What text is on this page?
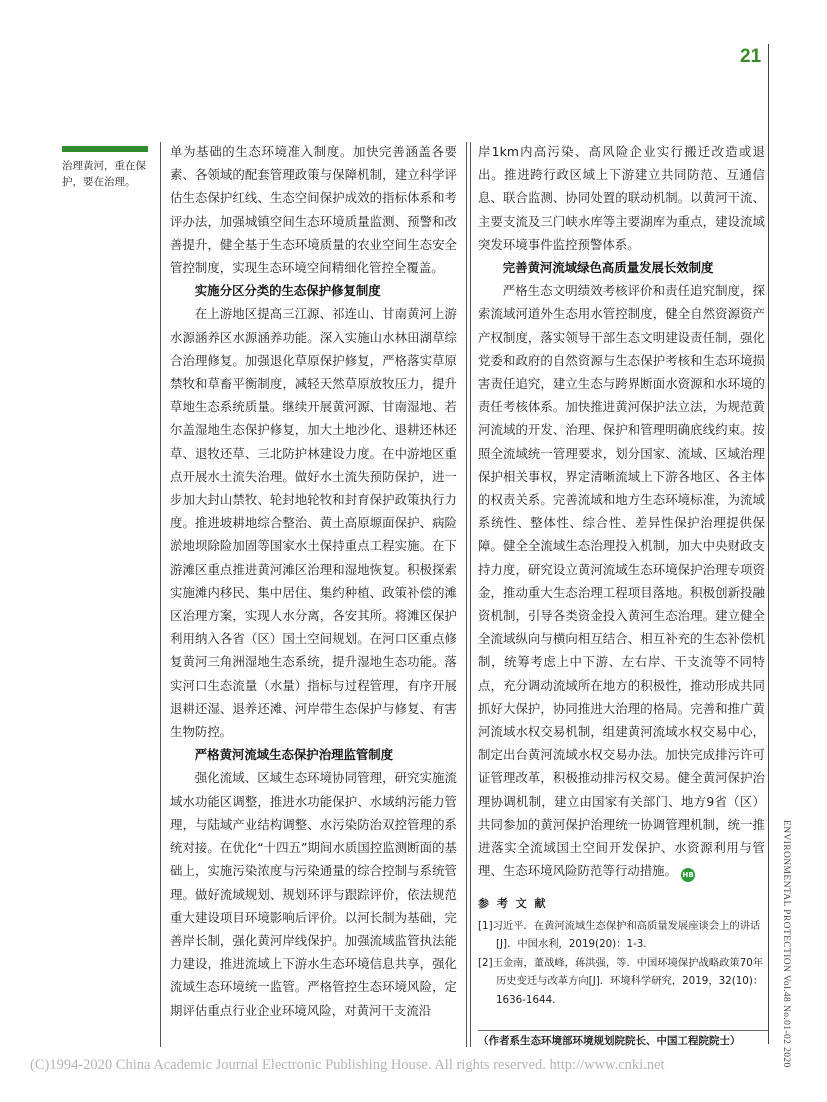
21
治理黄河，重在保护，要在治理。

单为基础的生态环境准入制度。加快完善涵盖各要素、各领域的配套管理政策与保障机制，建立科学评估生态保护红线、生态空间保护成效的指标体系和考评办法，加强城镇空间生态环境质量监测、预警和改善提升，健全基于生态环境质量的农业空间生态安全管控制度，实现生态环境空间精细化管控全覆盖。

实施分区分类的生态保护修复制度

在上游地区提高三江源、祁连山、甘南黄河上游水源涵养区水源涵养功能。深入实施山水林田湖草综合治理修复。加强退化草原保护修复，严格落实草原禁牧和草畜平衡制度，减轻天然草原放牧压力，提升草地生态系统质量。继续开展黄河源、甘南湿地、若尔盖湿地生态保护修复，加大土地沙化、退耕还林还草、退牧还草、三北防护林建设力度。在中游地区重点开展水土流失治理。做好水土流失预防保护，进一步加大封山禁牧、轮封地轮牧和封育保护政策执行力度。推进坡耕地综合整治、黄土高原塬面保护、病险淤地坝除险加固等国家水土保持重点工程实施。在下游滩区重点推进黄河滩区治理和湿地恢复。积极探索实施滩内移民、集中居住、集约种植、政策补偿的滩区治理方案，实现人水分离，各安其所。将滩区保护利用纳入各省（区）国土空间规划。在河口区重点修复黄河三角洲湿地生态系统，提升湿地生态功能。落实河口生态流量（水量）指标与过程管理，有序开展退耕还湿、退养还滩、河岸带生态保护与修复、有害生物防控。

严格黄河流域生态保护治理监管制度

强化流域、区域生态环境协同管理，研究实施流域水功能区调整，推进水功能保护、水域纳污能力管理，与陆域产业结构调整、水污染防治双控管理的系统对接。在优化“十四五”期间水质国控监测断面的基础上，实施污染浓度与污染通量的综合控制与系统管理。做好流域规划、规划环评与跟踪评价，依法规范重大建设项目环境影响后评价。以河长制为基础，完善岸长制，强化黄河岸线保护。加强流域监管执法能力建设，推进流域上下游水生态环境信息共享，强化流域生态环境统一监管。严格管控生态环境风险，定期评估重点行业企业环境风险，对黄河干支流沿

岸1km内高污染、高风险企业实行搬迁改造或退出。推进跨行政区域上下游建立共同防范、互通信息、联合监测、协同处置的联动机制。以黄河干流、主要支流及三门峡水库等主要湖库为重点，建设流域突发环境事件监控预警体系。

完善黄河流域绿色高质量发展长效制度

严格生态文明绩效考核评价和责任追究制度，探索流域河道外生态用水管控制度，健全自然资源资产产权制度，落实领导干部生态文明建设责任制，强化党委和政府的自然资源与生态保护考核和生态环境损害责任追究，建立生态与跨界断面水资源和水环境的责任考核体系。加快推进黄河保护法立法，为规范黄河流域的开发、治理、保护和管理明确底线约束。按照全流域统一管理要求，划分国家、流域、区域治理保护相关事权，界定清晰流域上下游各地区、各主体的权责关系。完善流域和地方生态环境标准，为流域系统性、整体性、综合性、差异性保护治理提供保障。健全全流域生态治理投入机制，加大中央财政支持力度，研究设立黄河流域生态环境保护治理专项资金，推动重大生态治理工程项目落地。积极创新投融资机制，引导各类资金投入黄河生态治理。建立健全全流域纵向与横向相互结合、相互补充的生态补偿机制，统筹考虑上中下游、左右岸、干支流等不同特点，充分调动流域所在地方的积极性，推动形成共同抓好大保护，协同推进大治理的格局。完善和推广黄河流域水权交易机制，组建黄河流域水权交易中心，制定出台黄河流域水权交易办法。加快完成排污许可证管理改革，积极推动排污权交易。健全黄河保护治理协调机制，建立由国家有关部门、地方9省（区）共同参加的黄河保护治理统一协调管理机制，统一推进落实全流域国土空间开发保护、水资源利用与管理、生态环境风险防范等行动措施。 HB

参 考 文 献

[1]习近平．在黄河流域生态保护和高质量发展座谈会上的讲话[J]．中国水利，2019(20)：1-3.

[2]王金南，董战峰，蒋洪强，等．中国环境保护战略政策70年历史变迁与改革方向[J]．环境科学研究，2019，32(10)：1636-1644.

（作者系生态环境部环境规划院院长、中国工程院院士）	ENVIRONMENTAL PROTECTION Vol.48 No.01-02 2020
(C)1994-2020 China Academic Journal Electronic Publishing House. All rights reserved. http://www.cnki.net
